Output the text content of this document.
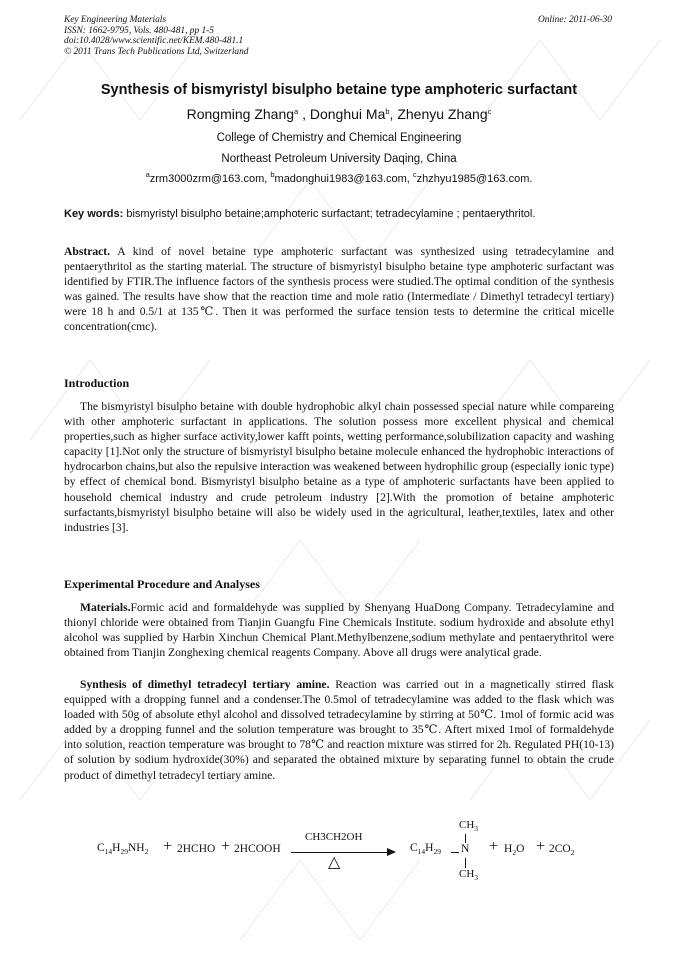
Key Engineering Materials
ISSN: 1662-9795, Vols. 480-481, pp 1-5
doi:10.4028/www.scientific.net/KEM.480-481.1
© 2011 Trans Tech Publications Ltd, Switzerland
Online: 2011-06-30
Synthesis of bismyristyl bisulpho betaine type amphoteric surfactant
Rongming Zhang$^a$ , Donghui Ma$^b$, Zhenyu Zhang$^c$
College of Chemistry and Chemical Engineering
Northeast Petroleum University Daqing, China
$^a$zrm3000zrm@163.com, $^b$madonghui1983@163.com, $^c$zhzhyu1985@163.com.
Key words: bismyristyl bisulpho betaine;amphoteric surfactant; tetradecylamine ; pentaerythritol.
Abstract. A kind of novel betaine type amphoteric surfactant was synthesized using tetradecylamine and pentaerythritol as the starting material. The structure of bismyristyl bisulpho betaine type amphoteric surfactant was identified by FTIR.The influence factors of the synthesis process were studied.The optimal condition of the synthesis was gained. The results have show that the reaction time and mole ratio (Intermediate / Dimethyl tetradecyl tertiary) were 18 h and 0.5/1 at 135℃. Then it was performed the surface tension tests to determine the critical micelle concentration(cmc).
Introduction
The bismyristyl bisulpho betaine with double hydrophobic alkyl chain possessed special nature while compareing with other amphoteric surfactant in applications. The solution possess more excellent physical and chemical properties,such as higher surface activity,lower kafft points, wetting performance,solubilization capacity and washing capacity [1].Not only the structure of bismyristyl bisulpho betaine molecule enhanced the hydrophobic interactions of hydrocarbon chains,but also the repulsive interaction was weakened between hydrophilic group (especially ionic type) by effect of chemical bond. Bismyristyl bisulpho betaine as a type of amphoteric surfactants have been applied to household chemical industry and crude petroleum industry [2].With the promotion of betaine amphoteric surfactants,bismyristyl bisulpho betaine will also be widely used in the agricultural, leather,textiles, latex and other industries [3].
Experimental Procedure and Analyses
Materials.Formic acid and formaldehyde was supplied by Shenyang HuaDong Company. Tetradecylamine and thionyl chloride were obtained from Tianjin Guangfu Fine Chemicals Institute. sodium hydroxide and absolute ethyl alcohol was supplied by Harbin Xinchun Chemical Plant.Methylbenzene,sodium methylate and pentaerythritol were obtained from Tianjin Zonghexing chemical reagents Company. Above all drugs were analytical grade.
Synthesis of dimethyl tetradecyl tertiary amine. Reaction was carried out in a magnetically stirred flask equipped with a dropping funnel and a condenser.The 0.5mol of tetradecylamine was added to the flask which was loaded with 50g of absolute ethyl alcohol and dissolved tetradecylamine by stirring at 50℃. 1mol of formic acid was added by a dropping funnel and the solution temperature was brought to 35℃. Aftert mixed 1mol of formaldehyde into solution, reaction temperature was brought to 78℃ and reaction mixture was stirred for 2h. Regulated PH(10-13) of solution by sodium hydroxide(30%) and separated the obtained mixture by separating funnel to obtain the crude product of dimethyl tetradecyl tertiary amine.
$C_{14}H_{29}NH_2$ + 2HCHO + 2HCOOH
CH3CH2OH
△
$C_{14}H_{29}$ N
$CH_3$
$CH_3$
+ $H_2O + 2CO_2$
